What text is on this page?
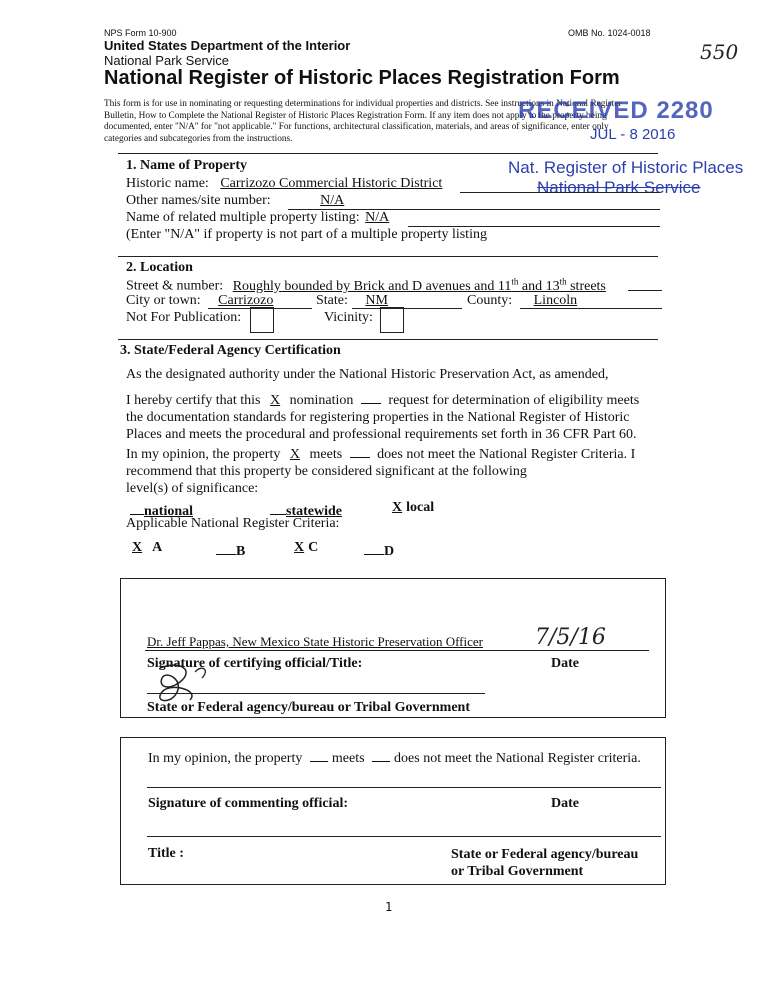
NPS Form 10-900	OMB No. 1024-0018
550
United States Department of the Interior
National Park Service
National Register of Historic Places Registration Form
This form is for use in nominating or requesting determinations for individual properties and districts. See instructions in National Register
Bulletin, How to Complete the National Register of Historic Places Registration Form. If any item does not apply to the property being
documented, enter "N/A" for "not applicable." For functions, architectural classification, materials, and areas of significance, enter only
categories and subcategories from the instructions.
RECEIVED 2280
JUL - 8 2016
Nat. Register of Historic Places
National Park Service
1. Name of Property
Historic name: Carrizozo Commercial Historic District
Other names/site number:	N/A
Name of related multiple property listing: N/A
(Enter "N/A" if property is not part of a multiple property listing
2. Location
Street & number: Roughly bounded by Brick and D avenues and 11th and 13th streets
City or town: Carrizozo	State: NM	County: Lincoln
Not For Publication:	Vicinity:
3. State/Federal Agency Certification
As the designated authority under the National Historic Preservation Act, as amended,
I hereby certify that this X nomination	request for determination of eligibility meets
the documentation standards for registering properties in the National Register of Historic
Places and meets the procedural and professional requirements set forth in 36 CFR Part 60.
In my opinion, the property X meets	does not meet the National Register Criteria. I
recommend that this property be considered significant at the following
level(s) of significance:
national	statewide	X local
Applicable National Register Criteria:
X A	B	X C	D
Dr. Jeff Pappas, New Mexico State Historic Preservation Officer 7/5/16
Signature of certifying official/Title:	Date
State or Federal agency/bureau or Tribal Government
In my opinion, the property meets does not meet the National Register criteria.
Signature of commenting official:	Date
Title :	State or Federal agency/bureau
or Tribal Government
1
